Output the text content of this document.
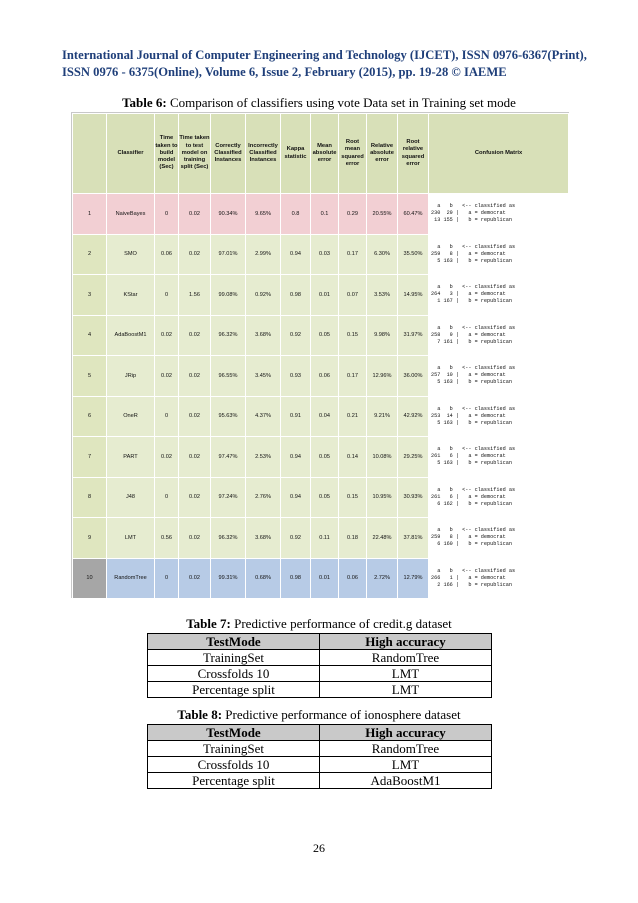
International Journal of Computer Engineering and Technology (IJCET), ISSN 0976-6367(Print),
ISSN 0976 - 6375(Online), Volume 6, Issue 2, February (2015), pp. 19-28 © IAEME
Table 6: Comparison of classifiers using vote Data set in Training set mode
	Classifier	Time taken to build model (Sec)	Time taken to test model on training split (Sec)	Correctly Classified Instances	Incorrectly Classified Instances	Kappa statistic	Mean absolute error	Root mean squared error	Relative absolute error	Root relative squared error	Confusion Matrix
1	NaiveBayes	0	0.02	90.34%	9.65%	0.8	0.1	0.29	20.55%	60.47%	a   b   <-- classified as
230  29 |   a = democrat
13 155 |   b = republican

2	SMO	0.06	0.02	97.01%	2.99%	0.94	0.03	0.17	6.30%	35.50%	a   b   <-- classified as
259   8 |   a = democrat
5 163 |   b = republican

3	KStar	0	1.56	99.08%	0.92%	0.98	0.01	0.07	3.53%	14.95%	a   b   <-- classified as
264   3 |   a = democrat
1 167 |   b = republican

4	AdaBoostM1	0.02	0.02	96.32%	3.68%	0.92	0.05	0.15	9.98%	31.97%	a   b   <-- classified as
258   9 |   a = democrat
7 161 |   b = republican

5	JRip	0.02	0.02	96.55%	3.45%	0.93	0.06	0.17	12.96%	36.00%	a   b   <-- classified as
257  10 |   a = democrat
5 163 |   b = republican

6	OneR	0	0.02	95.63%	4.37%	0.91	0.04	0.21	9.21%	42.92%	a   b   <-- classified as
253  14 |   a = democrat
5 163 |   b = republican

7	PART	0.02	0.02	97.47%	2.53%	0.94	0.05	0.14	10.08%	29.25%	a   b   <-- classified as
261   6 |   a = democrat
5 163 |   b = republican

8	J48	0	0.02	97.24%	2.76%	0.94	0.05	0.15	10.95%	30.93%	a   b   <-- classified as
261   6 |   a = democrat
6 162 |   b = republican

9	LMT	0.56	0.02	96.32%	3.68%	0.92	0.11	0.18	22.48%	37.81%	a   b   <-- classified as
259   8 |   a = democrat
6 160 |   b = republican

10	RandomTree	0	0.02	99.31%	0.68%	0.98	0.01	0.06	2.72%	12.79%	a   b   <-- classified as
266   1 |   a = democrat
2 166 |   b = republican
Table 7: Predictive performance of credit.g dataset
TestMode	High accuracy
TrainingSet	RandomTree
Crossfolds 10	LMT
Percentage split	LMT
Table 8: Predictive performance of ionosphere dataset
TestMode	High accuracy
TrainingSet	RandomTree
Crossfolds 10	LMT
Percentage split	AdaBoostM1
26
